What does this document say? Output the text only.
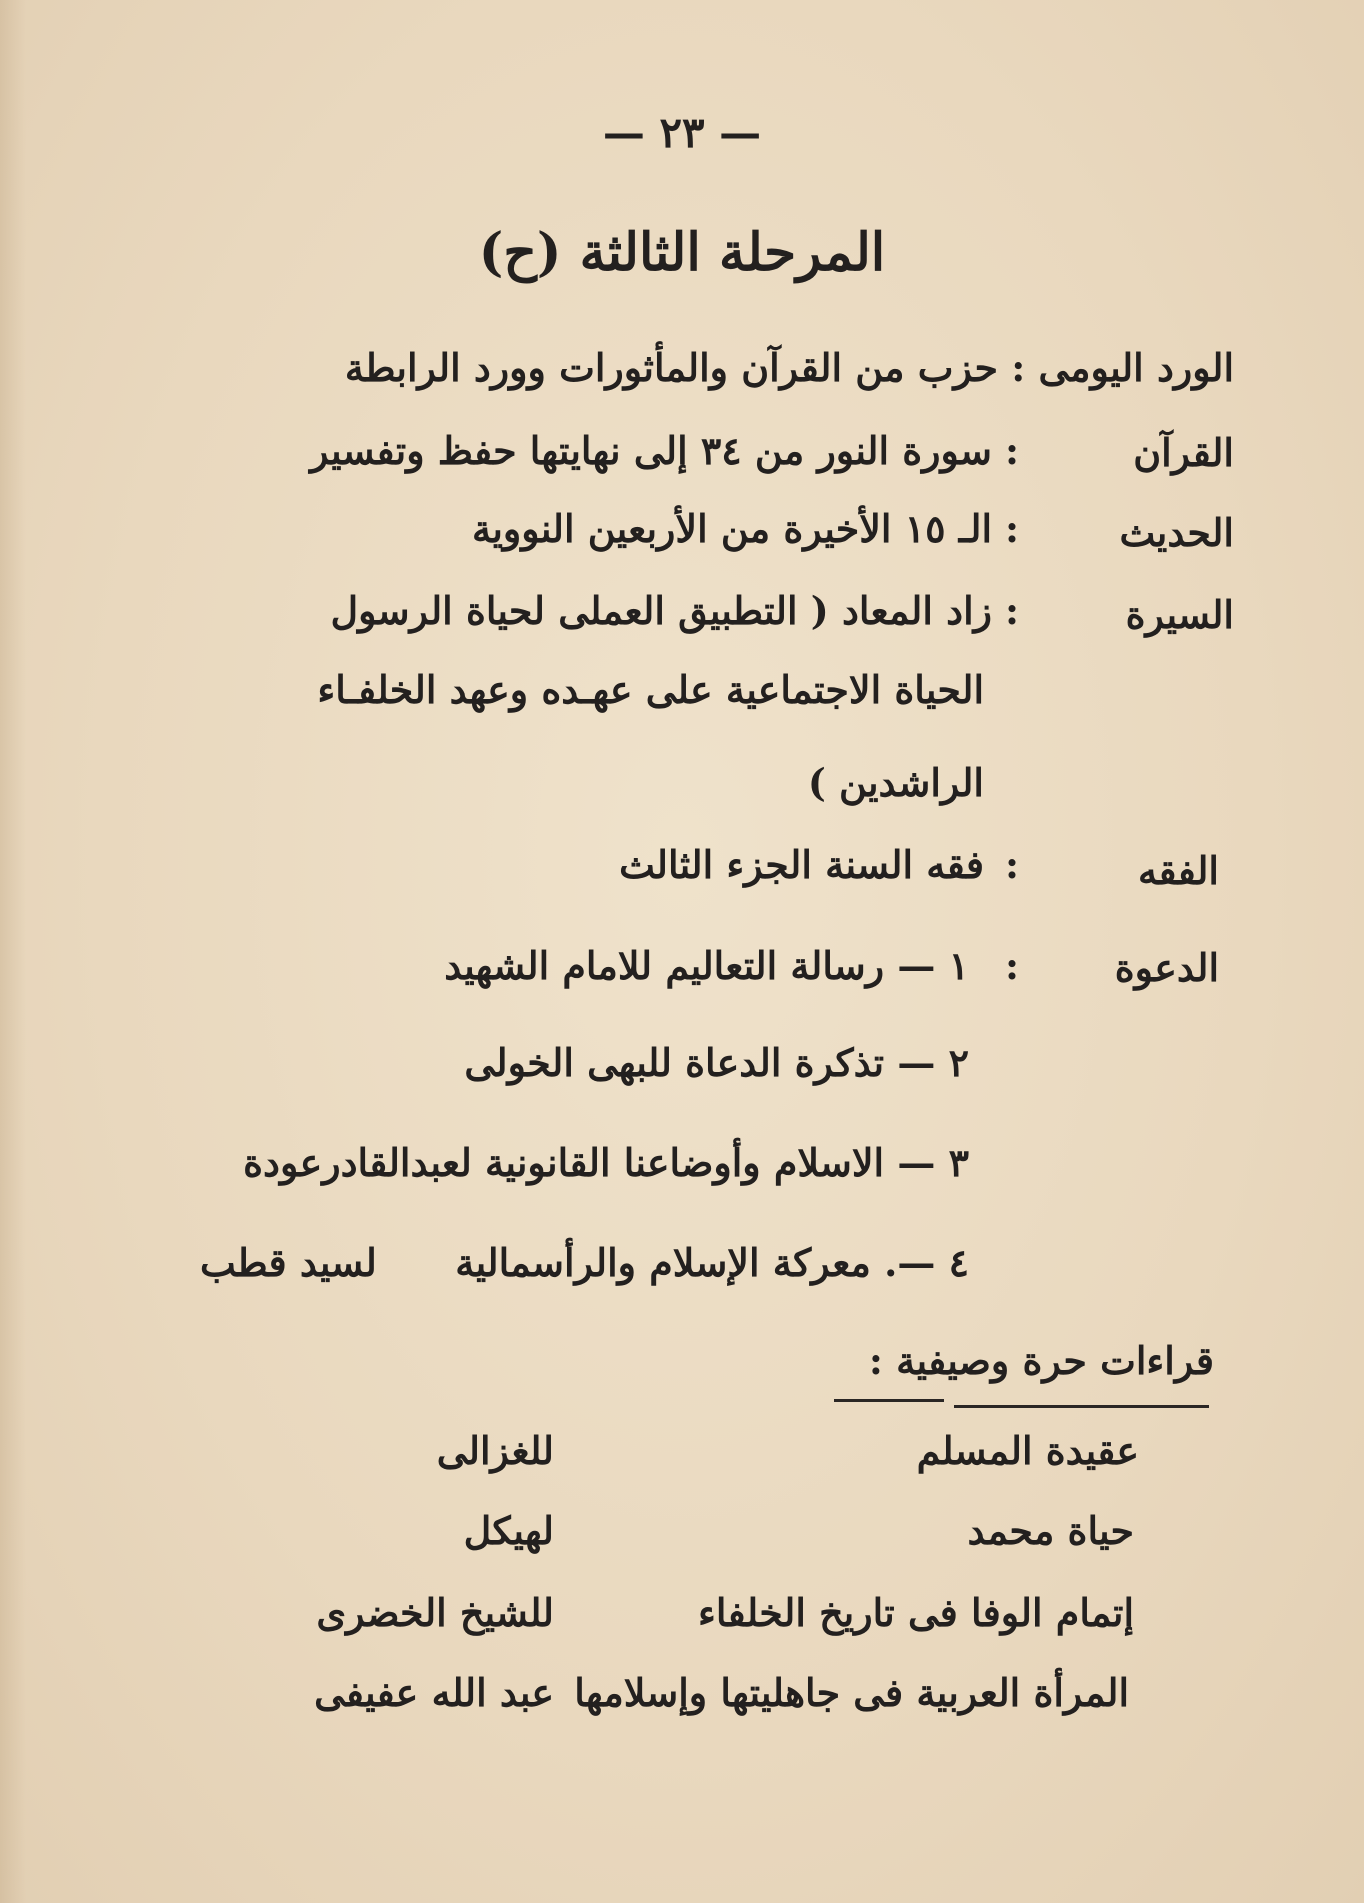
— ٢٣ —
المرحلة الثالثة (ح)
الورد اليومى : حزب من القرآن والمأثورات وورد الرابطة
القرآن
:
سورة النور من ٣٤ إلى نهايتها حفظ وتفسير
الحديث
:
الـ ١٥ الأخيرة من الأربعين النووية
السيرة
:
زاد المعاد ( التطبيق العملى لحياة الرسول
الحياة الاجتماعية على عهـده وعهد الخلفـاء
الراشدين )
الفقه
:
فقه السنة الجزء الثالث
الدعوة
:
١ — رسالة التعاليم للامام الشهيد
٢ — تذكرة الدعاة للبهى الخولى
٣ — الاسلام وأوضاعنا القانونية لعبدالقادرعودة
٤ —. معركة الإسلام والرأسمالية
لسيد قطب
قراءات حرة وصيفية :
عقيدة المسلم
للغزالى
حياة محمد
لهيكل
إتمام الوفا فى تاريخ الخلفاء
للشيخ الخضرى
المرأة العربية فى جاهليتها وإسلامها
عبد الله عفيفى
